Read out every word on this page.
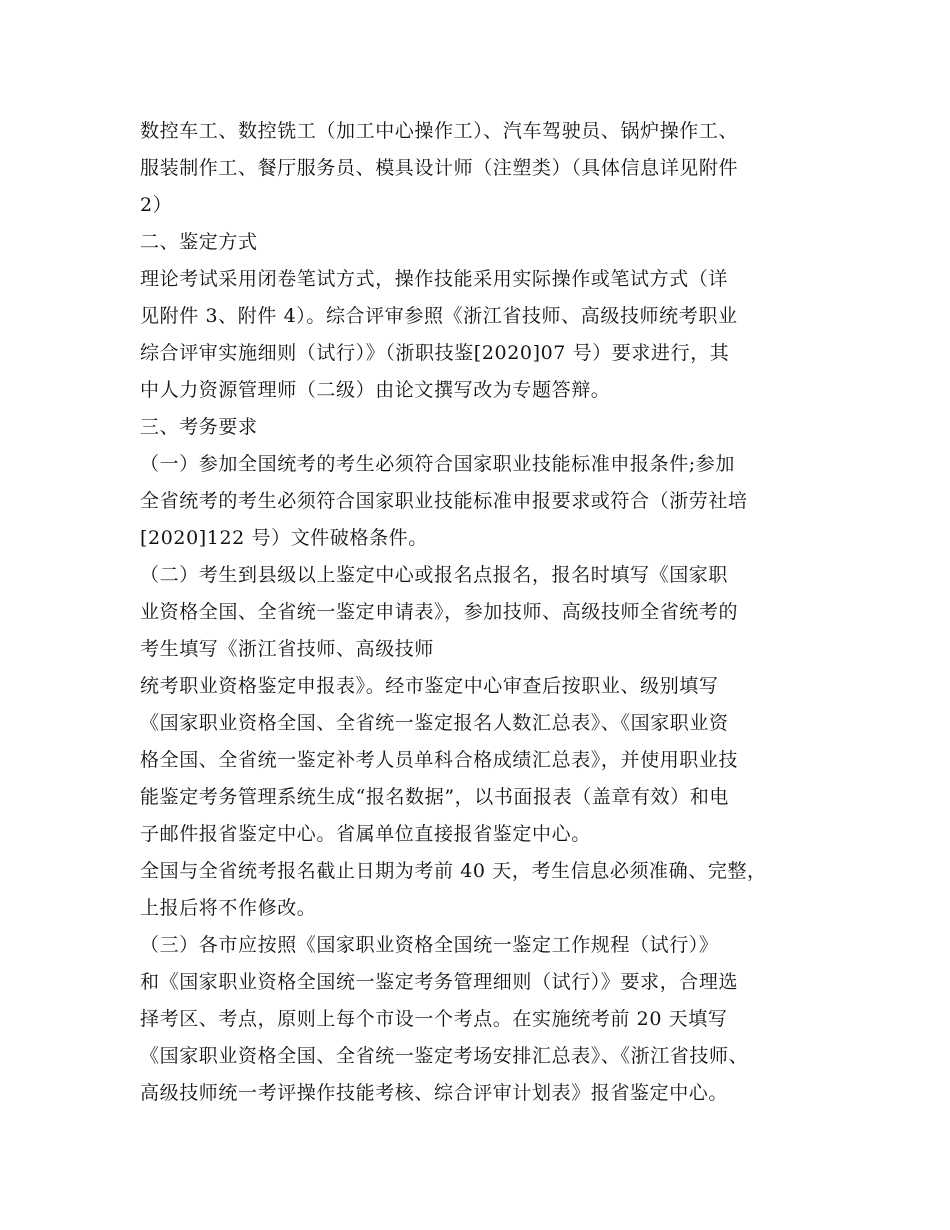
数控车工、数控铣工（加工中心操作工）、汽车驾驶员、锅炉操作工、
服装制作工、餐厅服务员、模具设计师（注塑类）（具体信息详见附件
2）
二、鉴定方式
理论考试采用闭卷笔试方式，操作技能采用实际操作或笔试方式（详
见附件 3、附件 4）。综合评审参照《浙江省技师、高级技师统考职业
综合评审实施细则（试行）》（浙职技鉴[2020]07 号）要求进行，其
中人力资源管理师（二级）由论文撰写改为专题答辩。
三、考务要求
（一）参加全国统考的考生必须符合国家职业技能标准申报条件;参加
全省统考的考生必须符合国家职业技能标准申报要求或符合（浙劳社培
[2020]122 号）文件破格条件。
（二）考生到县级以上鉴定中心或报名点报名，报名时填写《国家职
业资格全国、全省统一鉴定申请表》，参加技师、高级技师全省统考的
考生填写《浙江省技师、高级技师
统考职业资格鉴定申报表》。经市鉴定中心审查后按职业、级别填写
《国家职业资格全国、全省统一鉴定报名人数汇总表》、《国家职业资
格全国、全省统一鉴定补考人员单科合格成绩汇总表》，并使用职业技
能鉴定考务管理系统生成“报名数据”，以书面报表（盖章有效）和电
子邮件报省鉴定中心。省属单位直接报省鉴定中心。
全国与全省统考报名截止日期为考前 40 天，考生信息必须准确、完整，
上报后将不作修改。
（三）各市应按照《国家职业资格全国统一鉴定工作规程（试行）》
和《国家职业资格全国统一鉴定考务管理细则（试行）》要求，合理选
择考区、考点，原则上每个市设一个考点。在实施统考前 20 天填写
《国家职业资格全国、全省统一鉴定考场安排汇总表》、《浙江省技师、
高级技师统一考评操作技能考核、综合评审计划表》报省鉴定中心。
